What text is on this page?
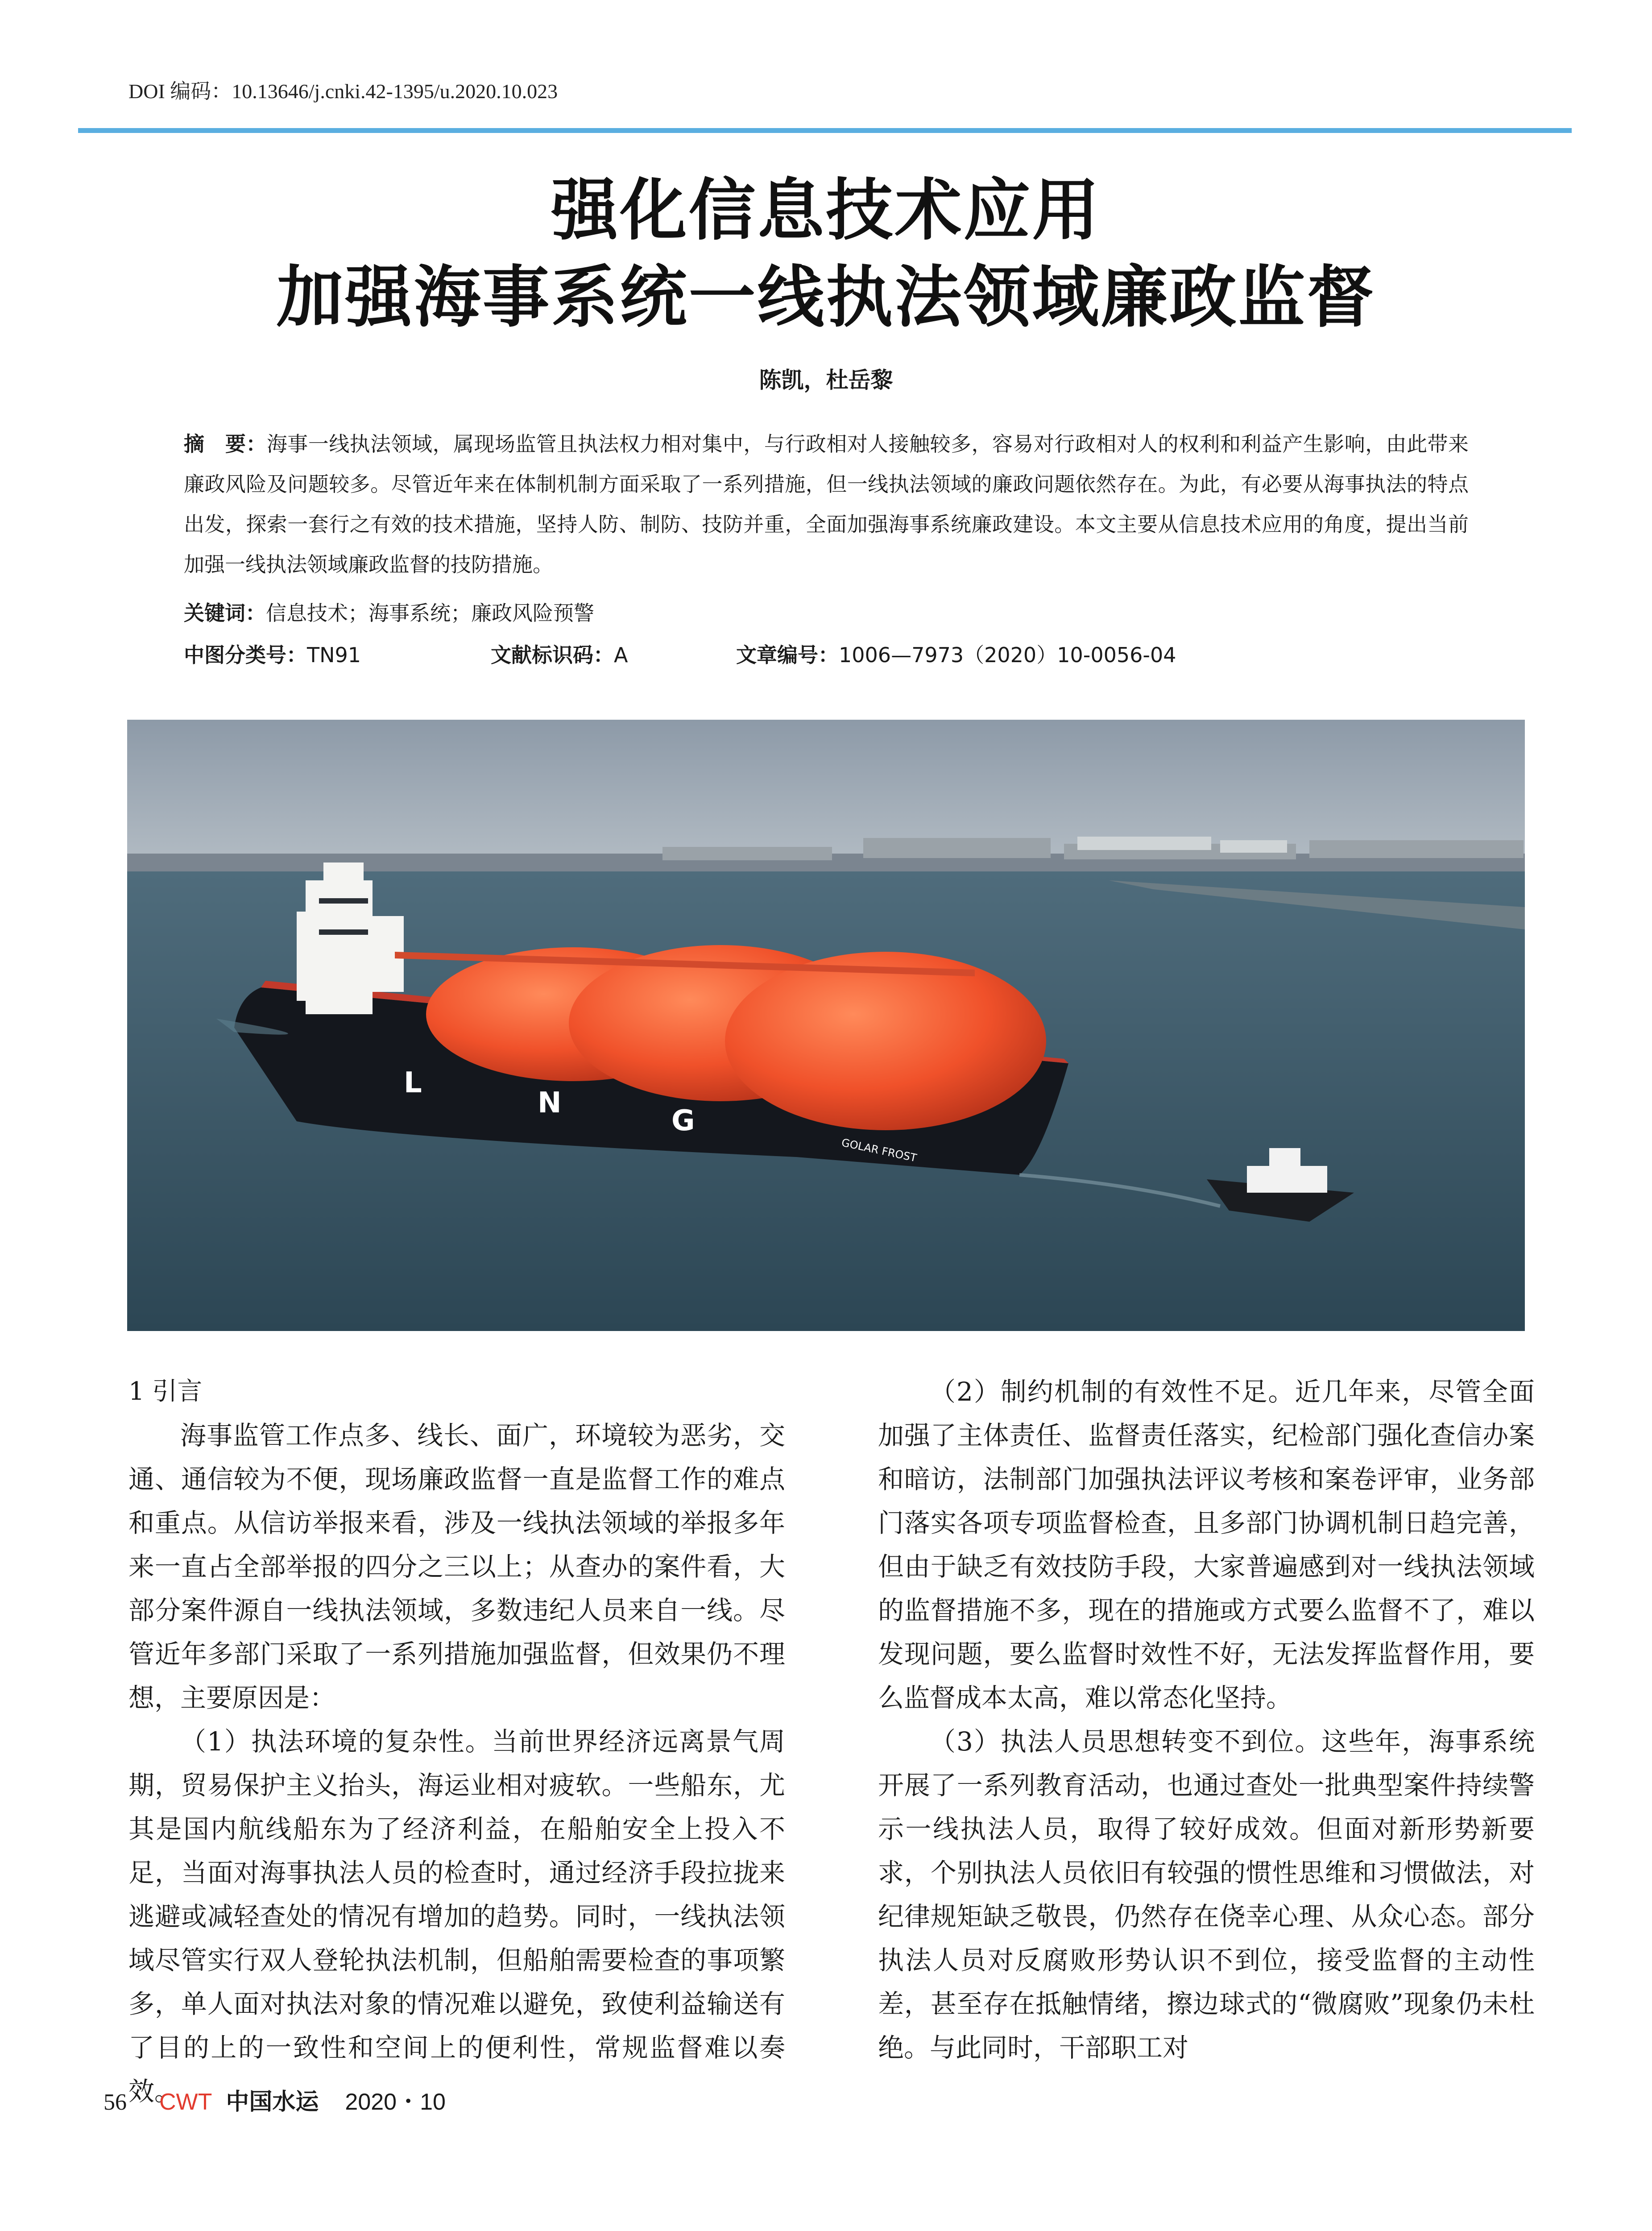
DOI 编码：10.13646/j.cnki.42-1395/u.2020.10.023
强化信息技术应用
加强海事系统一线执法领域廉政监督
陈凯，杜岳黎
摘　要：海事一线执法领域，属现场监管且执法权力相对集中，与行政相对人接触较多，容易对行政相对人的权利和利益产生影响，由此带来廉政风险及问题较多。尽管近年来在体制机制方面采取了一系列措施，但一线执法领域的廉政问题依然存在。为此，有必要从海事执法的特点出发，探索一套行之有效的技术措施，坚持人防、制防、技防并重，全面加强海事系统廉政建设。本文主要从信息技术应用的角度，提出当前加强一线执法领域廉政监督的技防措施。
关键词：信息技术；海事系统；廉政风险预警
中图分类号：TN91	文献标识码：A	文章编号：1006—7973（2020）10-0056-04
L
N
G
GOLAR FROST
1 引言

海事监管工作点多、线长、面广，环境较为恶劣，交通、通信较为不便，现场廉政监督一直是监督工作的难点和重点。从信访举报来看，涉及一线执法领域的举报多年来一直占全部举报的四分之三以上；从查办的案件看，大部分案件源自一线执法领域，多数违纪人员来自一线。尽管近年多部门采取了一系列措施加强监督，但效果仍不理想，主要原因是：

（1）执法环境的复杂性。当前世界经济远离景气周期，贸易保护主义抬头，海运业相对疲软。一些船东，尤其是国内航线船东为了经济利益，在船舶安全上投入不足，当面对海事执法人员的检查时，通过经济手段拉拢来逃避或减轻查处的情况有增加的趋势。同时，一线执法领域尽管实行双人登轮执法机制，但船舶需要检查的事项繁多，单人面对执法对象的情况难以避免，致使利益输送有了目的上的一致性和空间上的便利性，常规监督难以奏效。

（2）制约机制的有效性不足。近几年来，尽管全面加强了主体责任、监督责任落实，纪检部门强化查信办案和暗访，法制部门加强执法评议考核和案卷评审，业务部门落实各项专项监督检查，且多部门协调机制日趋完善，但由于缺乏有效技防手段，大家普遍感到对一线执法领域的监督措施不多，现在的措施或方式要么监督不了，难以发现问题，要么监督时效性不好，无法发挥监督作用，要么监督成本太高，难以常态化坚持。

（3）执法人员思想转变不到位。这些年，海事系统开展了一系列教育活动，也通过查处一批典型案件持续警示一线执法人员，取得了较好成效。但面对新形势新要求，个别执法人员依旧有较强的惯性思维和习惯做法，对纪律规矩缺乏敬畏，仍然存在侥幸心理、从众心态。部分执法人员对反腐败形势认识不到位，接受监督的主动性差，甚至存在抵触情绪，擦边球式的“微腐败”现象仍未杜绝。与此同时，干部职工对

56 CWT 中国水运 2020・10
